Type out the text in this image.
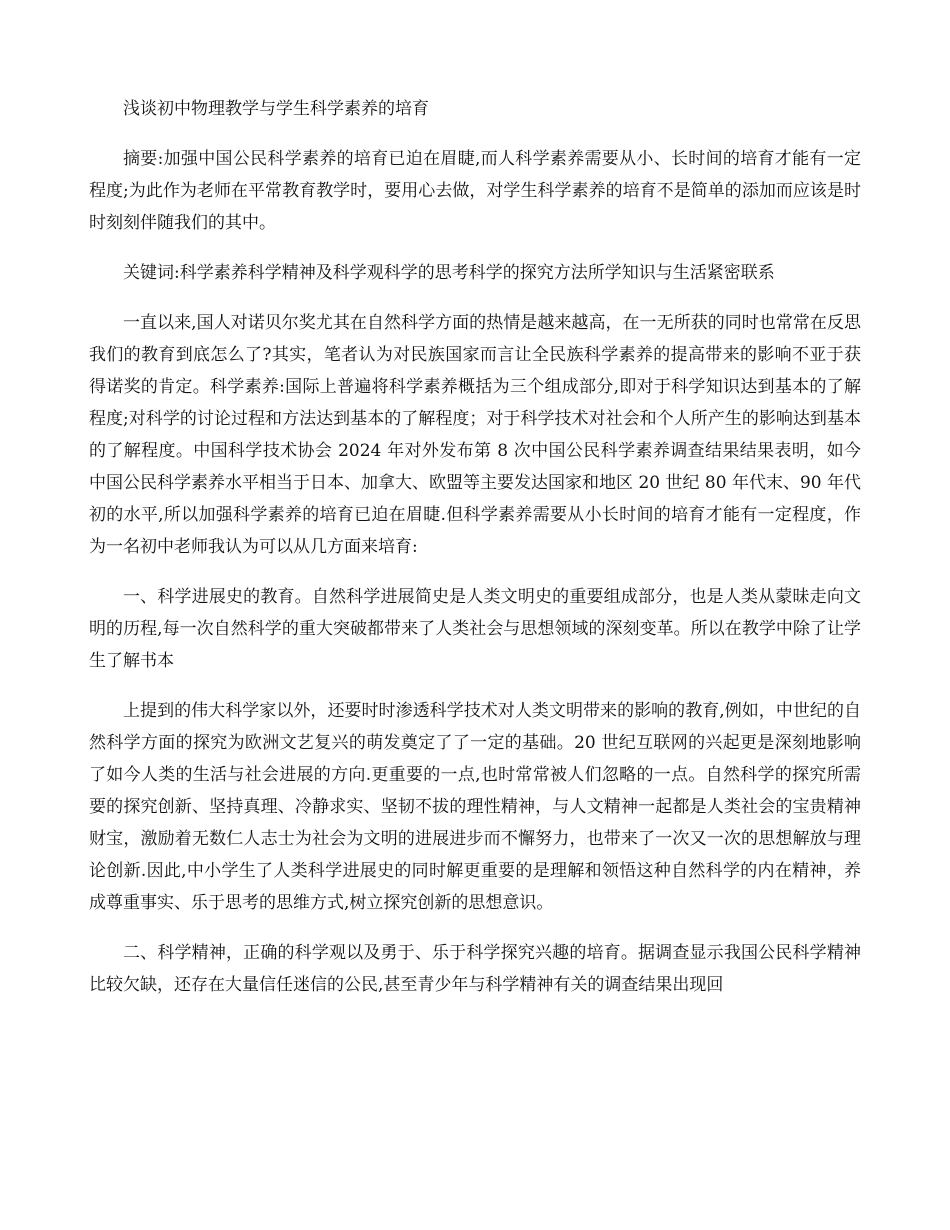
浅谈初中物理教学与学生科学素养的培育

摘要:加强中国公民科学素养的培育已迫在眉睫,而人科学素养需要从小、长时间的培育才能有一定程度;为此作为老师在平常教育教学时，要用心去做，对学生科学素养的培育不是简单的添加而应该是时时刻刻伴随我们的其中。

关键词:科学素养科学精神及科学观科学的思考科学的探究方法所学知识与生活紧密联系

一直以来,国人对诺贝尔奖尤其在自然科学方面的热情是越来越高，在一无所获的同时也常常在反思我们的教育到底怎么了?其实，笔者认为对民族国家而言让全民族科学素养的提高带来的影响不亚于获得诺奖的肯定。科学素养:国际上普遍将科学素养概括为三个组成部分,即对于科学知识达到基本的了解程度;对科学的讨论过程和方法达到基本的了解程度；对于科学技术对社会和个人所产生的影响达到基本的了解程度。中国科学技术协会 2024 年对外发布第 8 次中国公民科学素养调查结果结果表明，如今中国公民科学素养水平相当于日本、加拿大、欧盟等主要发达国家和地区 20 世纪 80 年代末、90 年代初的水平,所以加强科学素养的培育已迫在眉睫.但科学素养需要从小长时间的培育才能有一定程度，作为一名初中老师我认为可以从几方面来培育:

一、科学进展史的教育。自然科学进展简史是人类文明史的重要组成部分，也是人类从蒙昧走向文明的历程,每一次自然科学的重大突破都带来了人类社会与思想领域的深刻变革。所以在教学中除了让学生了解书本

上提到的伟大科学家以外，还要时时渗透科学技术对人类文明带来的影响的教育,例如，中世纪的自然科学方面的探究为欧洲文艺复兴的萌发奠定了了一定的基础。20 世纪互联网的兴起更是深刻地影响了如今人类的生活与社会进展的方向.更重要的一点,也时常常被人们忽略的一点。自然科学的探究所需要的探究创新、坚持真理、冷静求实、坚韧不拔的理性精神，与人文精神一起都是人类社会的宝贵精神财宝，激励着无数仁人志士为社会为文明的进展进步而不懈努力，也带来了一次又一次的思想解放与理论创新.因此,中小学生了人类科学进展史的同时解更重要的是理解和领悟这种自然科学的内在精神，养成尊重事实、乐于思考的思维方式,树立探究创新的思想意识。

二、科学精神，正确的科学观以及勇于、乐于科学探究兴趣的培育。据调查显示我国公民科学精神比较欠缺，还存在大量信任迷信的公民,甚至青少年与科学精神有关的调查结果出现回
